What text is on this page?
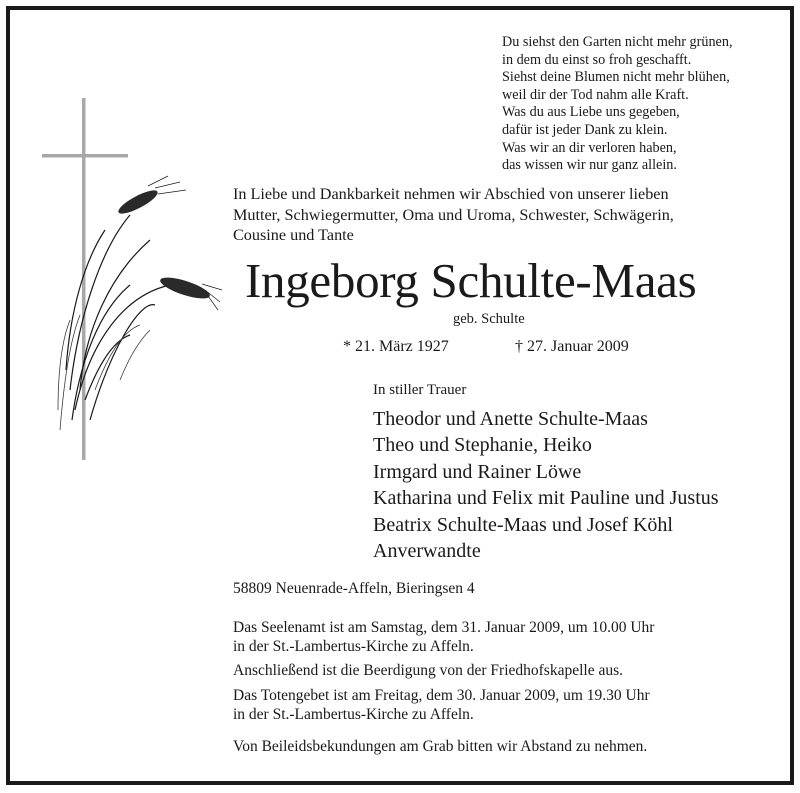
Du siehst den Garten nicht mehr grünen,
in dem du einst so froh geschafft.
Siehst deine Blumen nicht mehr blühen,
weil dir der Tod nahm alle Kraft.
Was du aus Liebe uns gegeben,
dafür ist jeder Dank zu klein.
Was wir an dir verloren haben,
das wissen wir nur ganz allein.
In Liebe und Dankbarkeit nehmen wir Abschied von unserer lieben
Mutter, Schwiegermutter, Oma und Uroma, Schwester, Schwägerin,
Cousine und Tante
Ingeborg Schulte-Maas
geb. Schulte
* 21. März 1927	† 27. Januar 2009
In stiller Trauer
Theodor und Anette Schulte-Maas
Theo und Stephanie, Heiko
Irmgard und Rainer Löwe
Katharina und Felix mit Pauline und Justus
Beatrix Schulte-Maas und Josef Köhl
Anverwandte
58809 Neuenrade-Affeln, Bieringsen 4
Das Seelenamt ist am Samstag, dem 31. Januar 2009, um 10.00 Uhr
in der St.-Lambertus-Kirche zu Affeln.
Anschließend ist die Beerdigung von der Friedhofskapelle aus.
Das Totengebet ist am Freitag, dem 30. Januar 2009, um 19.30 Uhr
in der St.-Lambertus-Kirche zu Affeln.
Von Beileidsbekundungen am Grab bitten wir Abstand zu nehmen.
